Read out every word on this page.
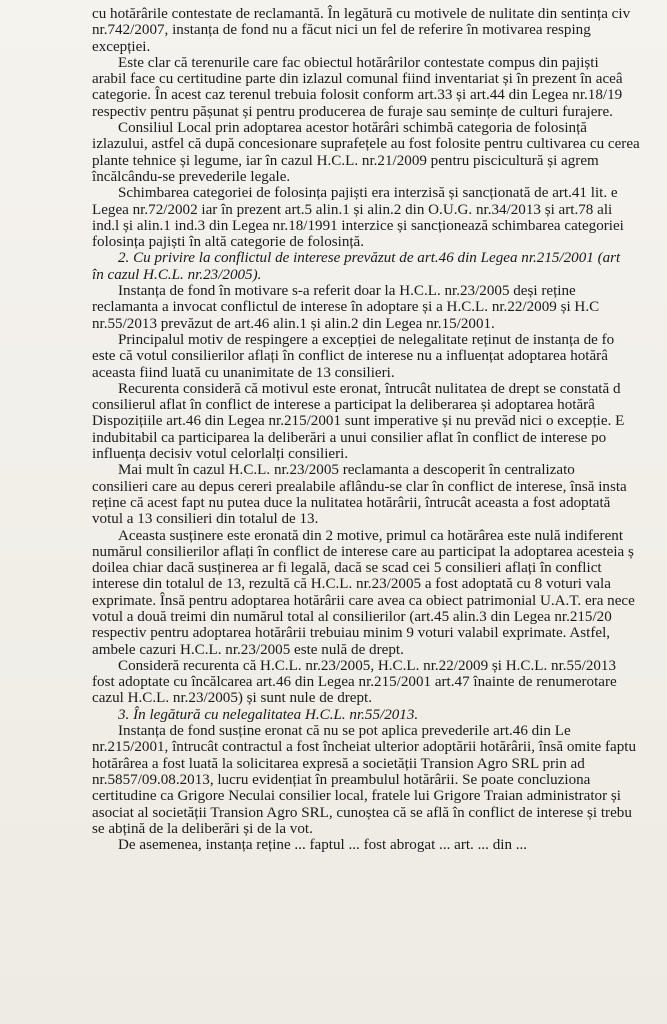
cu hotărârile contestate de reclamantă. În legătură cu motivele de nulitate din sentința civ
nr.742/2007, instanța de fond nu a făcut nici un fel de referire în motivarea resping
excepției.
Este clar că terenurile care fac obiectul hotărârilor contestate compus din pajiști
arabil face cu certitudine parte din izlazul comunal fiind inventariat și în prezent în aceâ
categorie. În acest caz terenul trebuia folosit conform art.33 și art.44 din Legea nr.18/19
respectiv pentru pășunat și pentru producerea de furaje sau semințe de culturi furajere.
Consiliul Local prin adoptarea acestor hotărâri schimbă categoria de folosință
izlazului, astfel că după concesionare suprafețele au fost folosite pentru cultivarea cu cerea
plante tehnice și legume, iar în cazul H.C.L. nr.21/2009 pentru piscicultură și agrem
încălcându-se prevederile legale.
Schimbarea categoriei de folosința pajiști era interzisă și sancționată de art.41 lit. e
Legea nr.72/2002 iar în prezent art.5 alin.1 și alin.2 din O.U.G. nr.34/2013 și art.78 ali
ind.l și alin.1 ind.3 din Legea nr.18/1991 interzice și sancționează schimbarea categoriei
folosința pajiști în altă categorie de folosință.
2. Cu privire la conflictul de interese prevăzut de art.46 din Legea nr.215/2001 (art
în cazul H.C.L. nr.23/2005).
Instanța de fond în motivare s-a referit doar la H.C.L. nr.23/2005 deși reține
reclamanta a invocat conflictul de interese în adoptare și a H.C.L. nr.22/2009 și H.C
nr.55/2013 prevăzut de art.46 alin.1 și alin.2 din Legea nr.15/2001.
Principalul motiv de respingere a excepției de nelegalitate reținut de instanța de fo
este că votul consilierilor aflați în conflict de interese nu a influențat adoptarea hotărâ
aceasta fiind luată cu unanimitate de 13 consilieri.
Recurenta consideră că motivul este eronat, întrucât nulitatea de drept se constată d
consilierul aflat în conflict de interese a participat la deliberarea și adoptarea hotărâ
Dispozițiile art.46 din Legea nr.215/2001 sunt imperative și nu prevăd nici o excepție. E
indubitabil ca participarea la deliberări a unui consilier aflat în conflict de interese po
influența decisiv votul celorlalți consilieri.
Mai mult în cazul H.C.L. nr.23/2005 reclamanta a descoperit în centralizato
consilieri care au depus cereri prealabile aflându-se clar în conflict de interese, însă insta
reține că acest fapt nu putea duce la nulitatea hotărârii, întrucât aceasta a fost adoptată
votul a 13 consilieri din totalul de 13.
Aceasta susținere este eronată din 2 motive, primul ca hotărârea este nulă indiferent
numărul consilierilor aflați în conflict de interese care au participat la adoptarea acesteia ș
doilea chiar dacă susținerea ar fi legală, dacă se scad cei 5 consilieri aflați în conflict
interese din totalul de 13, rezultă că H.C.L. nr.23/2005 a fost adoptată cu 8 voturi vala
exprimate. Însă pentru adoptarea hotărârii care avea ca obiect patrimonial U.A.T. era nece
votul a două treimi din numărul total al consilierilor (art.45 alin.3 din Legea nr.215/20
respectiv pentru adoptarea hotărârii trebuiau minim 9 voturi valabil exprimate. Astfel,
ambele cazuri H.C.L. nr.23/2005 este nulă de drept.
Consideră recurenta că H.C.L. nr.23/2005, H.C.L. nr.22/2009 și H.C.L. nr.55/2013
fost adoptate cu încălcarea art.46 din Legea nr.215/2001 art.47 înainte de renumerotare
cazul H.C.L. nr.23/2005) și sunt nule de drept.
3. În legătură cu nelegalitatea H.C.L. nr.55/2013.
Instanța de fond susține eronat că nu se pot aplica prevederile art.46 din Le
nr.215/2001, întrucât contractul a fost încheiat ulterior adoptării hotărârii, însă omite faptu
hotărârea a fost luată la solicitarea expresă a societății Transion Agro SRL prin ad
nr.5857/09.08.2013, lucru evidențiat în preambulul hotărârii. Se poate concluziona
certitudine ca Grigore Neculai consilier local, fratele lui Grigore Traian administrator și
asociat al societății Transion Agro SRL, cunoștea că se află în conflict de interese și trebu
se abțină de la deliberări și de la vot.
De asemenea, instanța reține ... faptul ... fost abrogat ... art. ... din ...
